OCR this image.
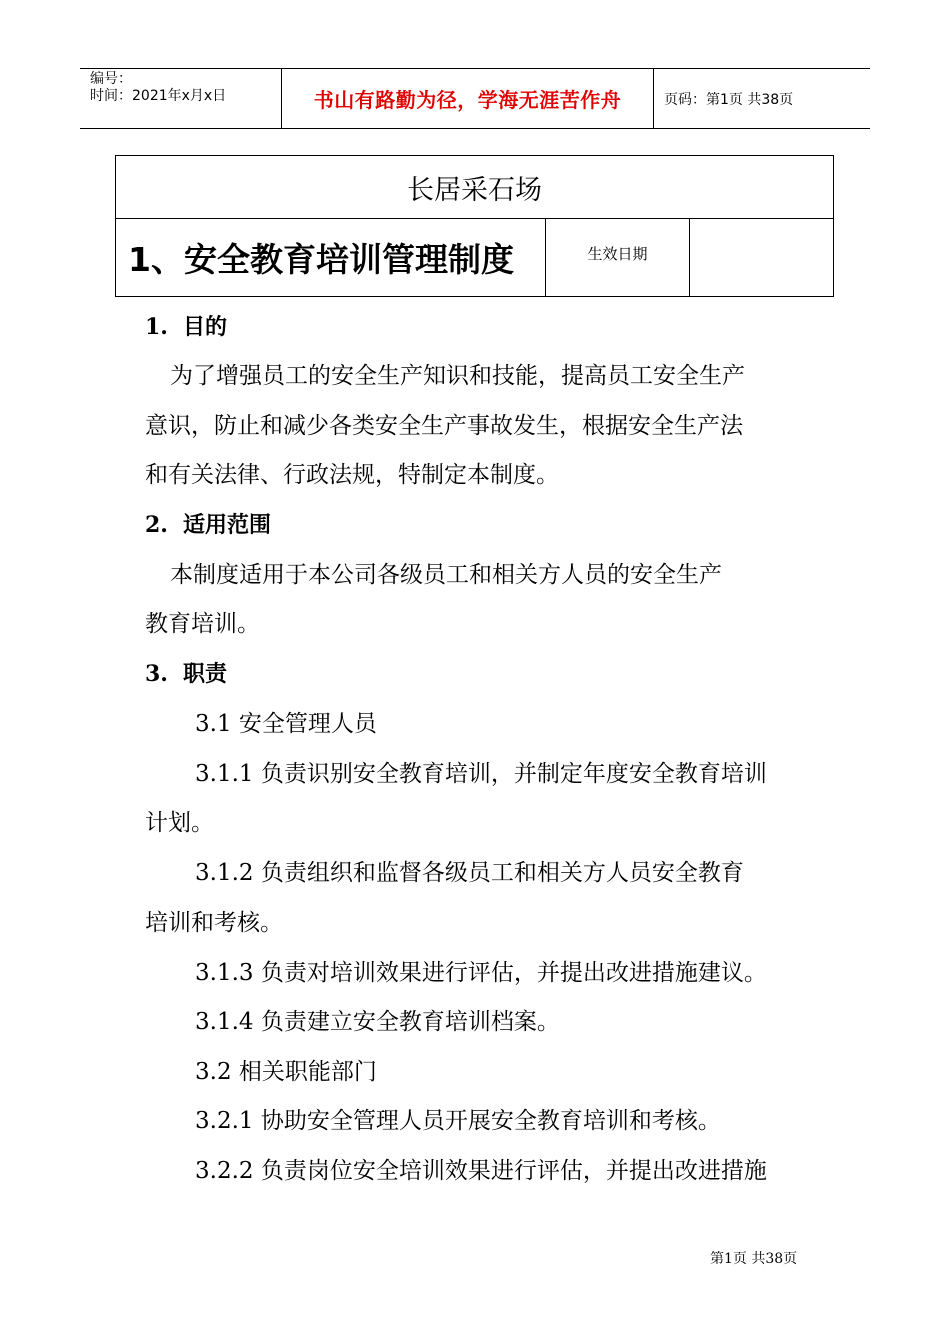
编号：
时间：2021年x月x日	书山有路勤为径，学海无涯苦作舟	页码：第1页 共38页
长居采石场
1、安全教育培训管理制度	生效日期
1. 目的
为了增强员工的安全生产知识和技能，提高员工安全生产
意识，防止和减少各类安全生产事故发生，根据安全生产法
和有关法律、行政法规，特制定本制度。
2. 适用范围
本制度适用于本公司各级员工和相关方人员的安全生产
教育培训。
3. 职责
3.1 安全管理人员
3.1.1 负责识别安全教育培训，并制定年度安全教育培训
计划。
3.1.2 负责组织和监督各级员工和相关方人员安全教育
培训和考核。
3.1.3 负责对培训效果进行评估，并提出改进措施建议。
3.1.4 负责建立安全教育培训档案。
3.2 相关职能部门
3.2.1 协助安全管理人员开展安全教育培训和考核。
3.2.2 负责岗位安全培训效果进行评估，并提出改进措施
第1页 共38页
